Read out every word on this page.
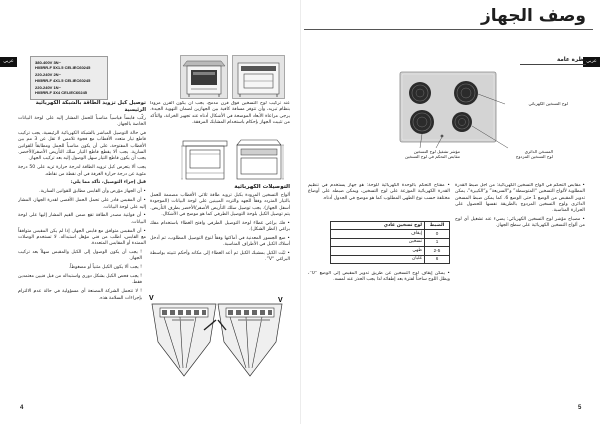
وصف الجهاز
عربي
نظرة عامة
لوح التسخين الكهربائي
المسخن الدائري
لوح التسخين المزدوج
مؤشر تشغيل لوح التسخين
مقابض التحكم في لوح التسخين

• مقابض التحكم في ألواح التسخين الكهربائية: من أجل ضبط القدرة المطلوبة لألواح التسخين “المتوسطة” و“السريعة” و“الكبيرة”، يمكن تدوير المقبض من الوضع 1 حتى الوضع 6. كما يمكن ضبط المسخن الدائري ولوح التسخين المزدوج بالطريقة نفسها للحصول على الحرارة المناسبة.

• مصباح مؤشر لوح التسخين الكهربائي: يضيء عند تشغيل أي لوح من ألواح التسخين الكهربائية على سطح الجهاز.

• مفتاح التحكم بالوحدة الكهربائية للوحة: هو جهاز يستخدم في تنظيم القدرة الكهربائية الموزعة على لوح التسخين، ويمكن ضبطه على أوضاع مختلفة حسب نوع الطهي المطلوب كما هو موضح في الجدول أدناه.

الضبط	لوح تسخين عادي
0	إيقاف
1	تسخين
2-5	طهي
6	غليان

• يمكن إيقاف لوح التسخين عن طريق تدوير المقبض إلى الوضع “0”، ويظل اللوح ساخناً لفترة بعد إطفائه لذا يجب الحذر عند لمسه.

5
عربي	380-400V 3N~
H05RR-F 5X1.5 CEI-IEC60245
220-240V 2N~
H05RR-F 4X1.5 CEI-IEC60245
220-240V 1N~
H05RR-F 3X4 CEI-IEC60245

عند تركيب لوح التسخين فوق فرن مدمج، يجب أن يكون الفرن مزوداً بنظام تبريد، وأن تتوفر مسافة كافية بين الجهازين لضمان التهوية الجيدة. يرجى مراعاة الأبعاد الموضحة في الأشكال أدناه عند تجهيز الخزانة، والتأكد من تثبيت الجهاز بإحكام باستخدام المشابك المرفقة.

التوصيلات الكهربائية

ألواح التسخين المزودة بكبل تزويد طاقة ثلاثي الأقطاب مصممة للعمل بالتيار المتردد وفقاً للجهد والتردد المبينين على لوحة البيانات (الموجودة أسفل الجهاز). يجب توصيل سلك التأريض الأصفر/الأخضر بطرف التأريض. يتم توصيل الكبل بلوحة التوصيل الطرفي كما هو موضح في الأشكال.

• فك براغي غطاء لوحة التوصيل الطرفي وافتح الغطاء باستخدام مفك براغي (انظر الشكل).

• ضع الجسور المعدنية في أماكنها وفقاً لنوع التوصيل المطلوب، ثم أدخل أسلاك الكبل في الأطراف المناسبة.

• ثبّت الكبل بمشبك الكبل ثم أعد الغطاء إلى مكانه وأحكم تثبيته بواسطة البراغي “V”.

V	V
توصيل كبل تزويد الطاقة بالشبكة الكهربائية الرئيسية

ركّب قابساً قياسياً مناسباً للحمل المشار إليه على لوحة البيانات الخاصة بالجهاز.

في حالة التوصيل المباشر بالشبكة الكهربائية الرئيسية، يجب تركيب قاطع تيار متعدد الأقطاب مع فجوة تلامس لا تقل عن 3 مم بين الأقطاب المفتوحة، على أن يكون مناسباً للحمل ومطابقاً للقوانين السارية. يجب ألا يقطع قاطع التيار سلك التأريض الأصفر/الأخضر. يجب أن يكون قاطع التيار سهل الوصول إليه بعد تركيب الجهاز.

يجب ألا يتعرض كبل تزويد الطاقة لدرجة حرارة تزيد على 50 درجة مئوية عن درجة حرارة الغرفة في أي نقطة من نقاطه.

قبل إجراء التوصيل، تأكد مما يلي:

• أن الجهاز مؤرض وأن القابس مطابق للقوانين السارية.

• أن المقبس قادر على تحمل الحمل الأقصى لقدرة الجهاز، المشار إليه على لوحة البيانات.

• أن فولتية مصدر الطاقة تقع ضمن القيم المشار إليها على لوحة البيانات.

• أن المقبس متوافق مع قابس الجهاز. إذا لم يكن المقبس متوافقاً مع القابس، اطلب من فني مؤهل استبداله. لا تستخدم الوصلات الممتدة أو المقابس المتعددة.

! يجب أن يكون الوصول إلى الكبل والمقبس سهلاً بعد تركيب الجهاز.

! يجب ألا يكون الكبل مثنياً أو مضغوطاً.

! يجب فحص الكبل بشكل دوري واستبداله من قبل فنيين معتمدين فقط.

! لا تتحمل الشركة المصنعة أي مسؤولية في حالة عدم الالتزام بإجراءات السلامة هذه.

4
